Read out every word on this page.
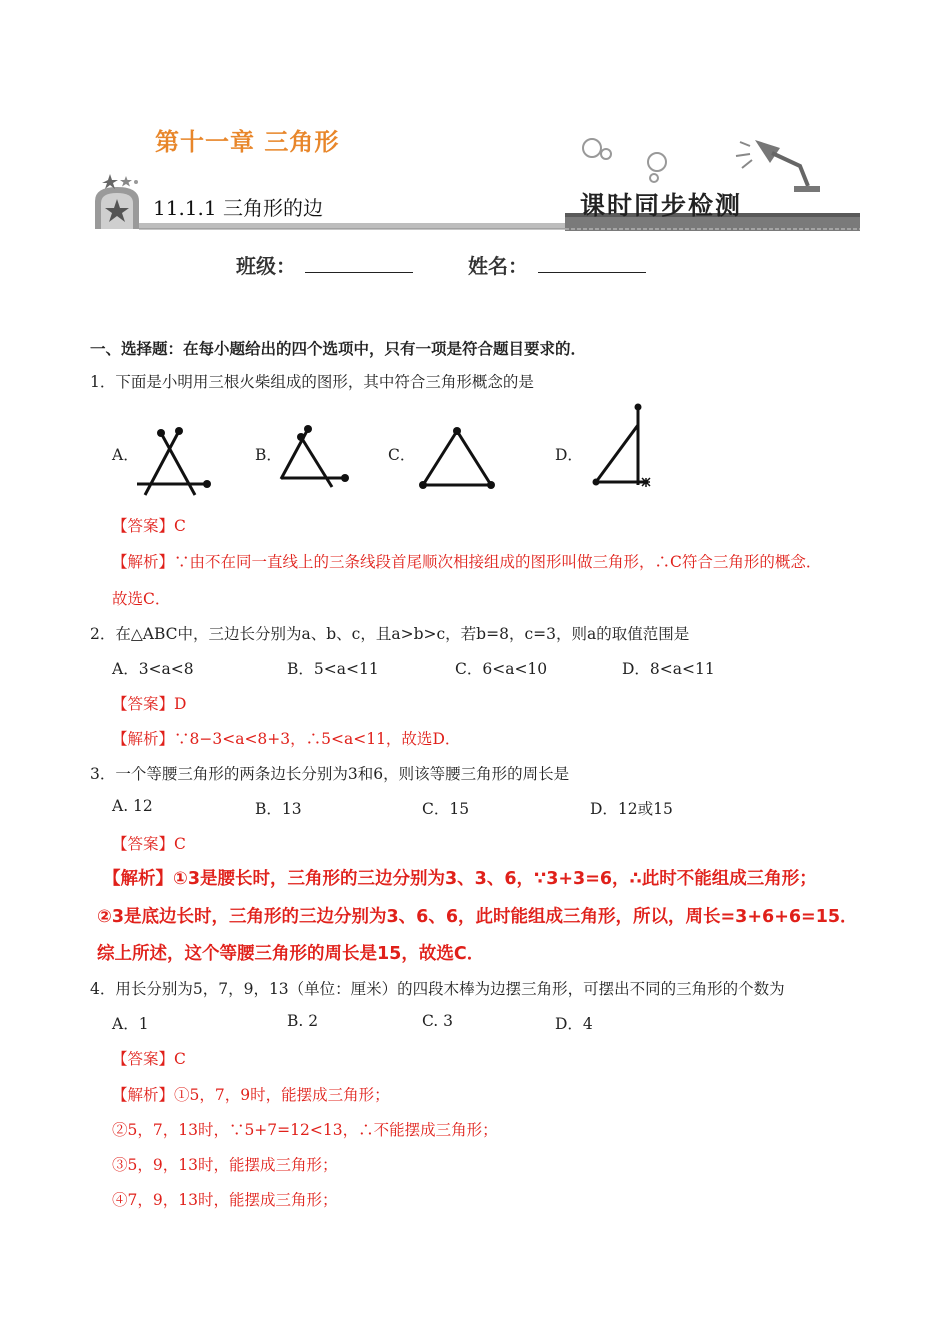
第十一章 三角形
11.1.1 三角形的边	课时同步检测
班级：	姓名：
一、选择题：在每小题给出的四个选项中，只有一项是符合题目要求的．
1．下面是小明用三根火柴组成的图形，其中符合三角形概念的是
A．	B．	C．	D．
【答案】C
【解析】∵由不在同一直线上的三条线段首尾顺次相接组成的图形叫做三角形，∴C符合三角形的概念．
故选C．
2．在△ABC中，三边长分别为a、b、c，且a>b>c，若b=8，c=3，则a的取值范围是
A．3<a<8	B．5<a<11	C．6<a<10	D．8<a<11
【答案】D
【解析】∵8−3<a<8+3，∴5<a<11，故选D．
3．一个等腰三角形的两条边长分别为3和6，则该等腰三角形的周长是
A. 12	B．13	C．15	D．12或15
【答案】C
【解析】①3是腰长时，三角形的三边分别为3、3、6，∵3+3=6，∴此时不能组成三角形；
②3是底边长时，三角形的三边分别为3、6、6，此时能组成三角形，所以，周长=3+6+6=15．
综上所述，这个等腰三角形的周长是15，故选C．
4．用长分别为5，7，9，13（单位：厘米）的四段木棒为边摆三角形，可摆出不同的三角形的个数为
A．1	B. 2	C. 3	D．4
【答案】C
【解析】①5，7，9时，能摆成三角形；
②5，7，13时，∵5+7=12<13，∴不能摆成三角形；
③5，9，13时，能摆成三角形；
④7，9，13时，能摆成三角形；
